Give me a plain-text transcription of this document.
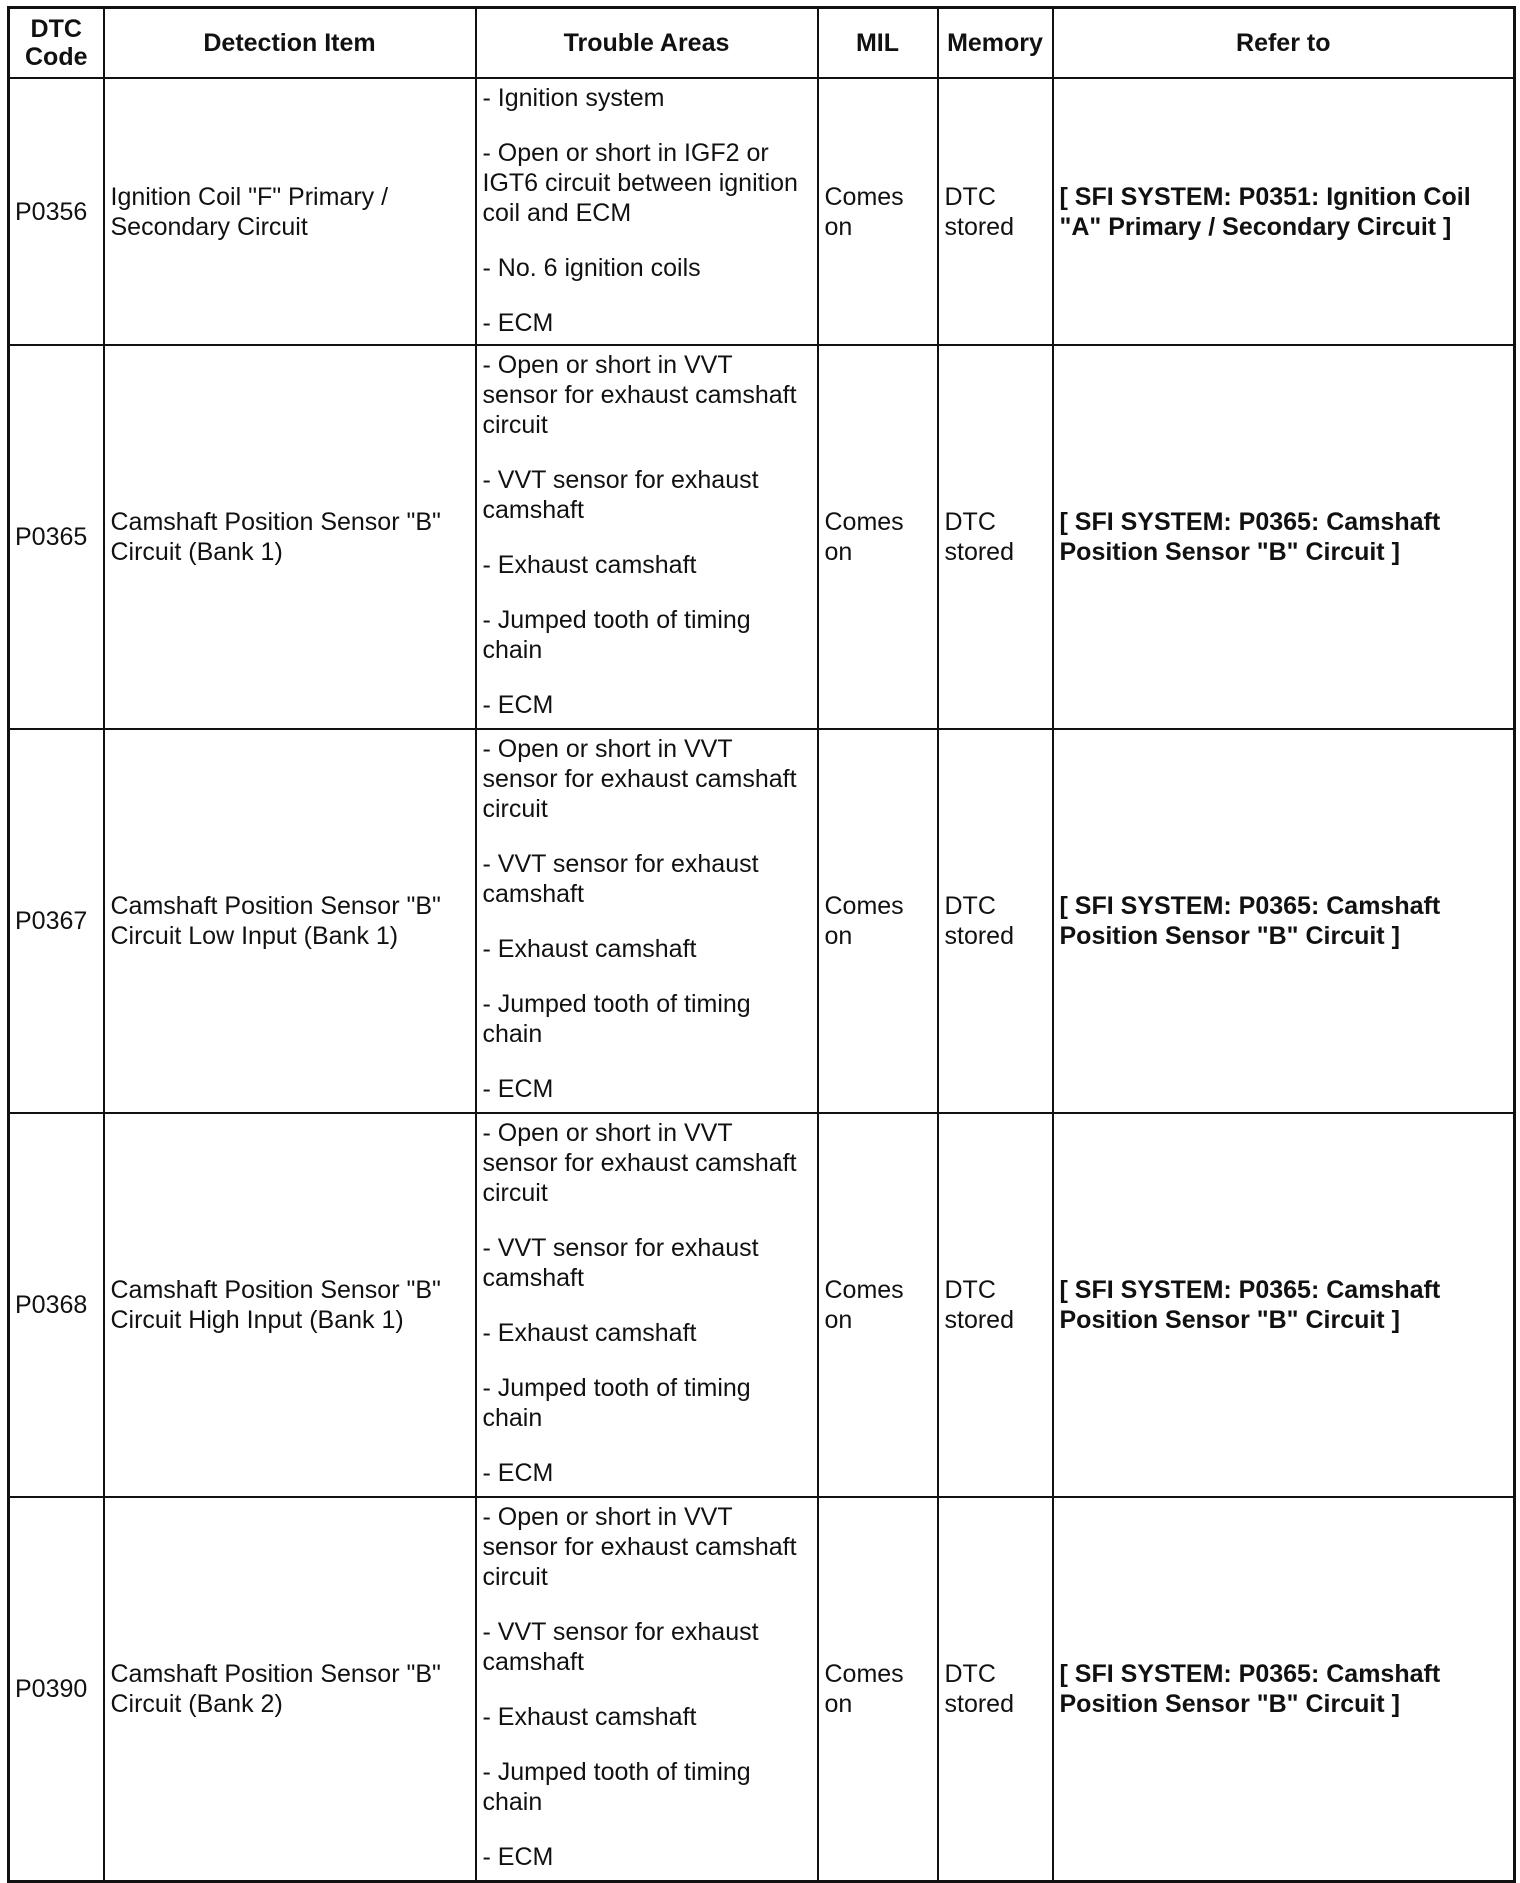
DTC Code	Detection Item	Trouble Areas	MIL	Memory	Refer to
P0356	Ignition Coil "F" Primary / Secondary Circuit	- Ignition system
- Open or short in IGF2 or IGT6 circuit between ignition coil and ECM
- No. 6 ignition coils
- ECM	Comes on	DTC stored	[ SFI SYSTEM: P0351: Ignition Coil "A" Primary / Secondary Circuit ]
P0365	Camshaft Position Sensor "B" Circuit (Bank 1)	- Open or short in VVT sensor for exhaust camshaft circuit
- VVT sensor for exhaust camshaft
- Exhaust camshaft
- Jumped tooth of timing chain
- ECM	Comes on	DTC stored	[ SFI SYSTEM: P0365: Camshaft Position Sensor "B" Circuit ]
P0367	Camshaft Position Sensor "B" Circuit Low Input (Bank 1)	- Open or short in VVT sensor for exhaust camshaft circuit
- VVT sensor for exhaust camshaft
- Exhaust camshaft
- Jumped tooth of timing chain
- ECM	Comes on	DTC stored	[ SFI SYSTEM: P0365: Camshaft Position Sensor "B" Circuit ]
P0368	Camshaft Position Sensor "B" Circuit High Input (Bank 1)	- Open or short in VVT sensor for exhaust camshaft circuit
- VVT sensor for exhaust camshaft
- Exhaust camshaft
- Jumped tooth of timing chain
- ECM	Comes on	DTC stored	[ SFI SYSTEM: P0365: Camshaft Position Sensor "B" Circuit ]
P0390	Camshaft Position Sensor "B" Circuit (Bank 2)	- Open or short in VVT sensor for exhaust camshaft circuit
- VVT sensor for exhaust camshaft
- Exhaust camshaft
- Jumped tooth of timing chain
- ECM	Comes on	DTC stored	[ SFI SYSTEM: P0365: Camshaft Position Sensor "B" Circuit ]
